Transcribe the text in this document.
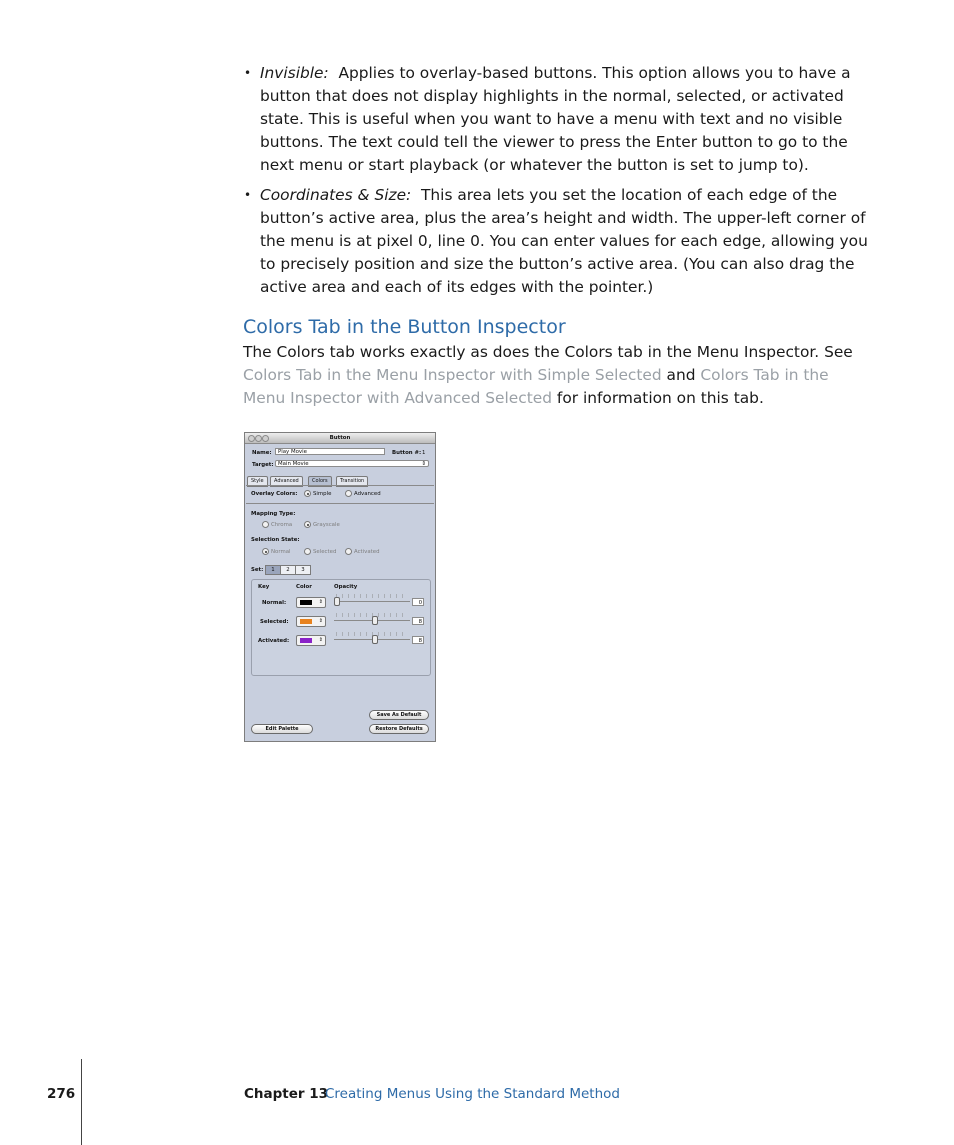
• Invisible: Applies to overlay-based buttons. This option allows you to have a button that does not display highlights in the normal, selected, or activated state. This is useful when you want to have a menu with text and no visible buttons. The text could tell the viewer to press the Enter button to go to the next menu or start playback (or whatever the button is set to jump to).
• Coordinates & Size: This area lets you set the location of each edge of the button’s active area, plus the area’s height and width. The upper-left corner of the menu is at pixel 0, line 0. You can enter values for each edge, allowing you to precisely position and size the button’s active area. (You can also drag the active area and each of its edges with the pointer.)
Colors Tab in the Button Inspector
The Colors tab works exactly as does the Colors tab in the Menu Inspector. See Colors Tab in the Menu Inspector with Simple Selected and Colors Tab in the Menu Inspector with Advanced Selected for information on this tab.
Button
Name:	Play Movie	Button #: 1
Target: Main Movie	⇕
Style	Advanced	Colors	Transition
Overlay Colors:	Simple	Advanced
Mapping Type:
Chroma	Grayscale
Selection State:
Normal	Selected	Activated
Set:	1	2	3
Key	Color	Opacity
Normal:	⇕	0
Selected:	⇕	8
Activated:	⇕	8
Save As Default
Edit Palette	Restore Defaults
276	Chapter 13
Creating Menus Using the Standard Method
